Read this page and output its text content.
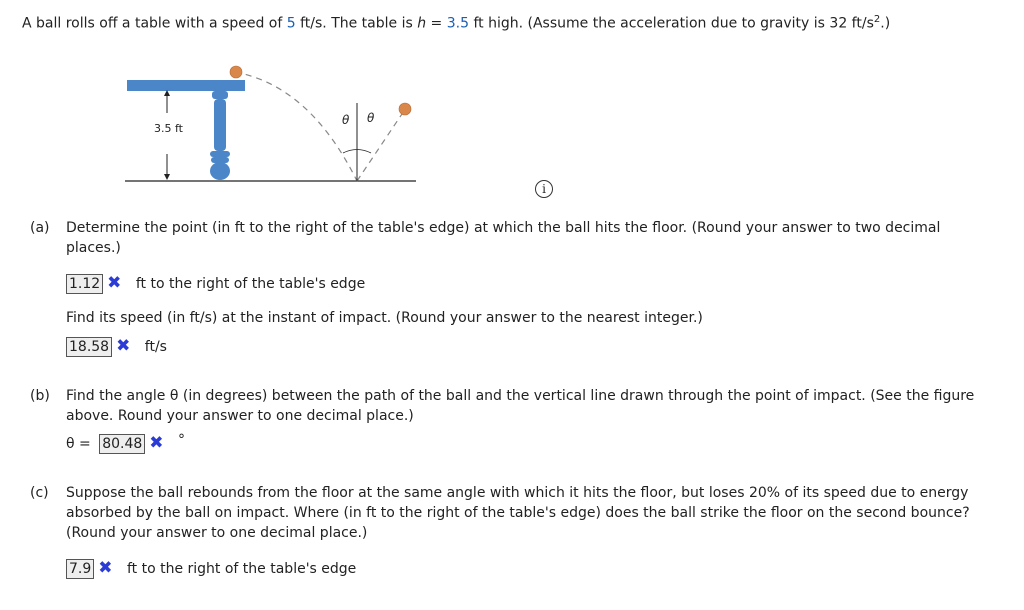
A ball rolls off a table with a speed of 5 ft/s. The table is h = 3.5 ft high. (Assume the acceleration due to gravity is 32 $ft/s^2$.)
3.5 ft
θ θ
i
(a) Determine the point (in ft to the right of the table's edge) at which the ball hits the floor. (Round your answer to two decimal
places.)
1.12 ✖ ft to the right of the table's edge
Find its speed (in ft/s) at the instant of impact. (Round your answer to the nearest integer.)
18.58 ✖ ft/s
(b) Find the angle θ (in degrees) between the path of the ball and the vertical line drawn through the point of impact. (See the figure
above. Round your answer to one decimal place.)
θ = 80.48 ✖ °
(c) Suppose the ball rebounds from the floor at the same angle with which it hits the floor, but loses 20% of its speed due to energy
absorbed by the ball on impact. Where (in ft to the right of the table's edge) does the ball strike the floor on the second bounce?
(Round your answer to one decimal place.)
7.9 ✖ ft to the right of the table's edge
